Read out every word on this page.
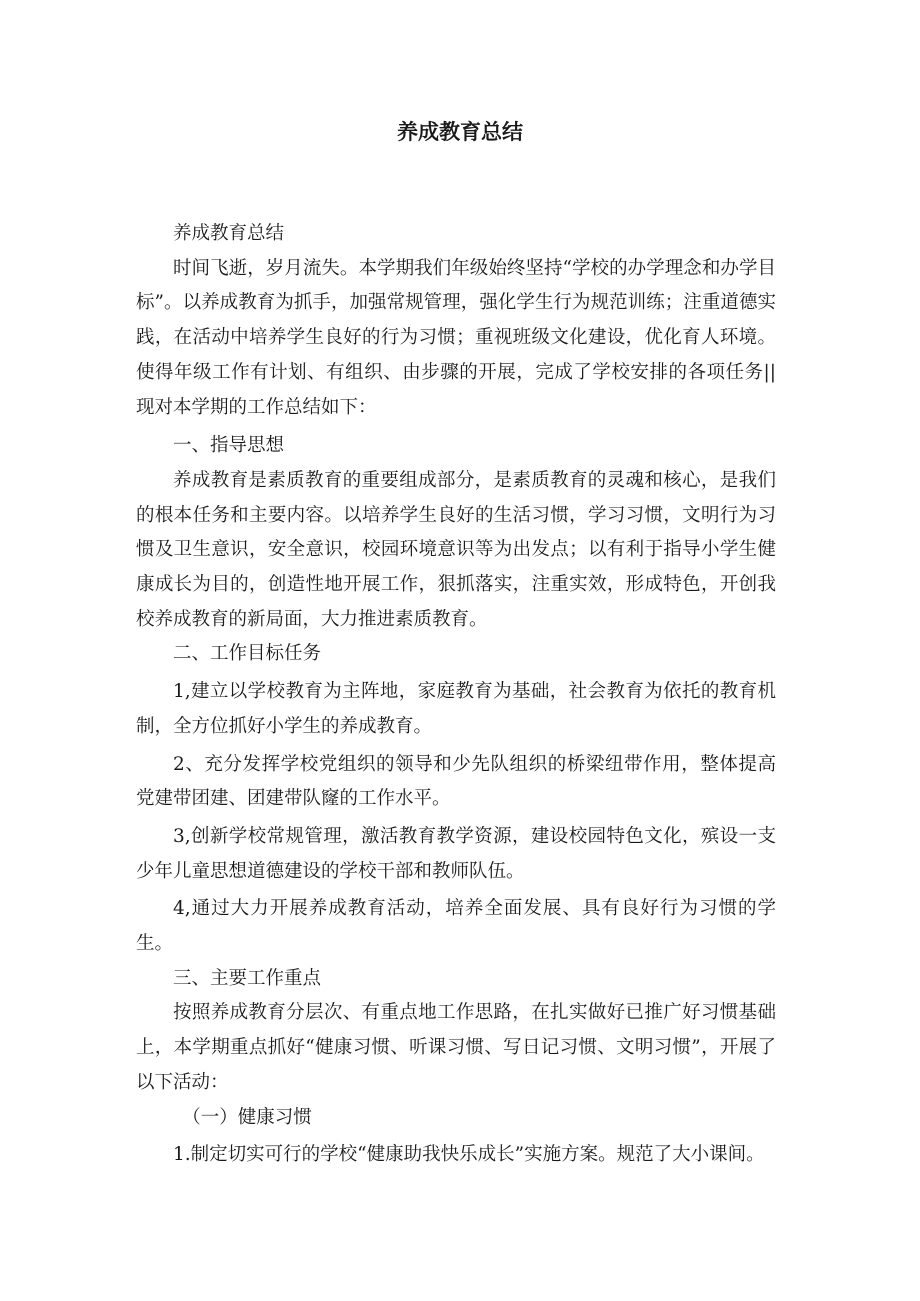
养成教育总结

养成教育总结

时间飞逝，岁月流失。本学期我们年级始终坚持“学校的办学理念和办学目标”。以养成教育为抓手，加强常规管理，强化学生行为规范训练；注重道德实践，在活动中培养学生良好的行为习惯；重视班级文化建设，优化育人环境。使得年级工作有计划、有组织、由步骤的开展，完成了学校安排的各项任务||现对本学期的工作总结如下：

一、指导思想

养成教育是素质教育的重要组成部分，是素质教育的灵魂和核心，是我们的根本任务和主要内容。以培养学生良好的生活习惯，学习习惯，文明行为习惯及卫生意识，安全意识，校园环境意识等为出发点；以有利于指导小学生健康成长为目的，创造性地开展工作，狠抓落实，注重实效，形成特色，开创我校养成教育的新局面，大力推进素质教育。

二、工作目标任务

1,建立以学校教育为主阵地，家庭教育为基础，社会教育为依托的教育机制，全方位抓好小学生的养成教育。

2、充分发挥学校党组织的领导和少先队组织的桥梁纽带作用，整体提高党建带团建、团建带队窿的工作水平。

3,创新学校常规管理，激活教育教学资源，建设校园特色文化，殡设一支少年儿童思想道德建设的学校干部和教师队伍。

4,通过大力开展养成教育活动，培养全面发展、具有良好行为习惯的学生。

三、主要工作重点

按照养成教育分层次、有重点地工作思路，在扎实做好已推广好习惯基础上，本学期重点抓好“健康习惯、听课习惯、写日记习惯、文明习惯”，开展了以下活动：

（一）健康习惯

1.制定切实可行的学校“健康助我快乐成长”实施方案。规范了大小课间。
